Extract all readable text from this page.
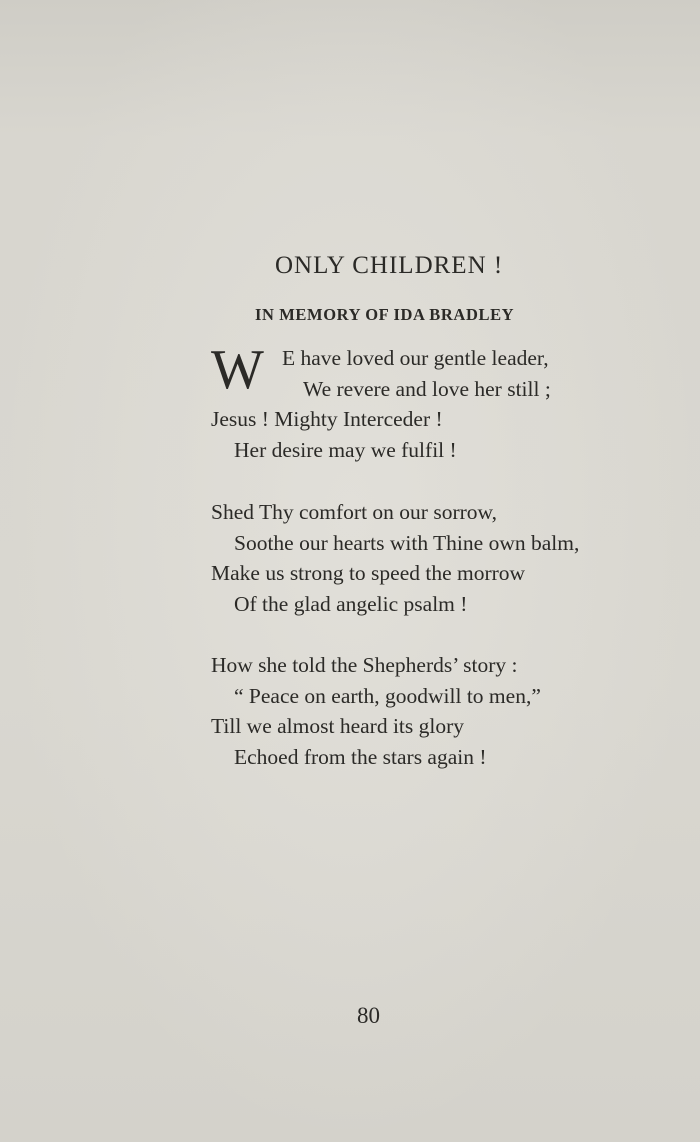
ONLY CHILDREN !
IN MEMORY OF IDA BRADLEY
W E have loved our gentle leader,

We revere and love her still ;

Jesus ! Mighty Interceder !

Her desire may we fulfil !

Shed Thy comfort on our sorrow,

Soothe our hearts with Thine own balm,

Make us strong to speed the morrow

Of the glad angelic psalm !

How she told the Shepherds’ story :

“ Peace on earth, goodwill to men,”

Till we almost heard its glory

Echoed from the stars again !

80
